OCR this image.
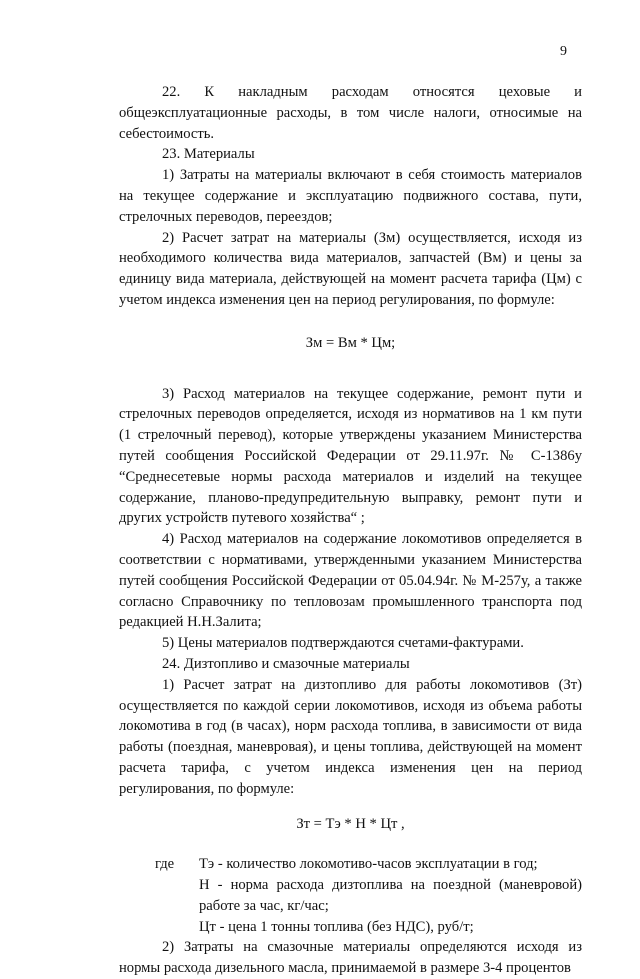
9

22. К накладным расходам относятся цеховые и

общеэксплуатационные расходы, в том числе налоги, относимые на себестоимость.

23. Материалы

1) Затраты на материалы включают в себя стоимость материалов на текущее содержание и эксплуатацию подвижного состава, пути, стрелочных переводов, переездов;

2) Расчет затрат на материалы (Зм) осуществляется, исходя из необходимого количества вида материалов, запчастей (Вм) и цены за единицу вида материала, действующей на момент расчета тарифа (Цм) с учетом индекса изменения цен на период регулирования, по формуле:

Зм = Вм * Цм;

3) Расход материалов на текущее содержание, ремонт пути и стрелочных переводов определяется, исходя из нормативов на 1 км пути (1 стрелочный перевод), которые утверждены указанием Министерства путей сообщения Российской Федерации от 29.11.97г. № С-1386у “Среднесетевые нормы расхода материалов и изделий на текущее содержание, планово-предупредительную выправку, ремонт пути и других устройств путевого хозяйства“ ;

4) Расход материалов на содержание локомотивов определяется в соответствии с нормативами, утвержденными указанием Министерства путей сообщения Российской Федерации от 05.04.94г. № М-257у, а также согласно Справочнику по тепловозам промышленного транспорта под редакцией Н.Н.Залита;

5) Цены материалов подтверждаются счетами-фактурами.

24. Дизтопливо и смазочные материалы

1) Расчет затрат на дизтопливо для работы локомотивов (Зт) осуществляется по каждой серии локомотивов, исходя из объема работы локомотива в год (в часах), норм расхода топлива, в зависимости от вида работы (поездная, маневровая), и цены топлива, действующей на момент расчета тарифа, с учетом индекса изменения цен на период регулирования, по формуле:

Зт = Тэ * Н * Цт ,
где	Тэ - количество локомотиво-часов эксплуатации в год;

Н - норма расхода дизтоплива на поездной (маневровой) работе за час, кг/час;

Цт - цена 1 тонны топлива (без НДС), руб/т;

2) Затраты на смазочные материалы определяются исходя из нормы расхода дизельного масла, принимаемой в размере 3-4 процентов
